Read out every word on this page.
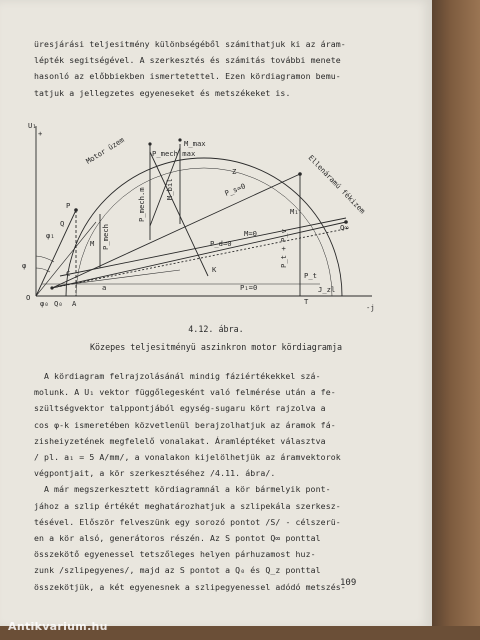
üresjárási teljesitmény különbségéből számithatjuk ki az áram-

lépték segitségével. A szerkesztés és számitás további menete

hasonló az előbbiekben ismertetettel. Ezen kördiagramon bemu-

tatjuk a jellegzetes egyeneseket és metszékeket is.

U₁
+
Motor üzem
Ellenáramú fékizem
P_mech max
M_max
M_bil
P_mech.m
P_mech
M	P_d=0
P_s=0
M=0
P₁=0
M₁
P_t + P_v
P_t
J_zl
O
P
Q	Q∞
A
a
Q₀
φ₀
φ
φ₁
C	K
Z
T
-j
4.12. ábra.
Közepes teljesitményü aszinkron motor kördiagramja

A kördiagram felrajzolásánál mindig fáziértékekkel szá-

molunk. A U₁ vektor függőlegesként való felmérése után a fe-

szültségvektor talppontjából egység-sugaru kört rajzolva a

cos φ-k ismeretében közvetlenül berajzolhatjuk az áramok fá-

zisheiyzetének megfelelő vonalakat. Áramléptéket választva

/ pl. a₁ = 5 A/mm/, a vonalakon kijelölhetjük az áramvektorok

végpontjait, a kör szerkesztéséhez /4.11. ábra/.

A már megszerkesztett kördiagramnál a kör bármelyik pont-

jához a szlip értékét meghatározhatjuk a szlipekála szerkesz-

tésével. Először felveszünk egy sorozó pontot /S/ - célszerü-

en a kör alsó, generátoros részén. Az S pontot Q∞ ponttal

összekötő egyenessel tetszőleges helyen párhuzamost huz-

zunk /szlipegyenes/, majd az S pontot a Q₀ és Q_z ponttal

összekötjük, a két egyenesnek a szlipegyenessel adódó metszés-

109
Antikvarium.hu
